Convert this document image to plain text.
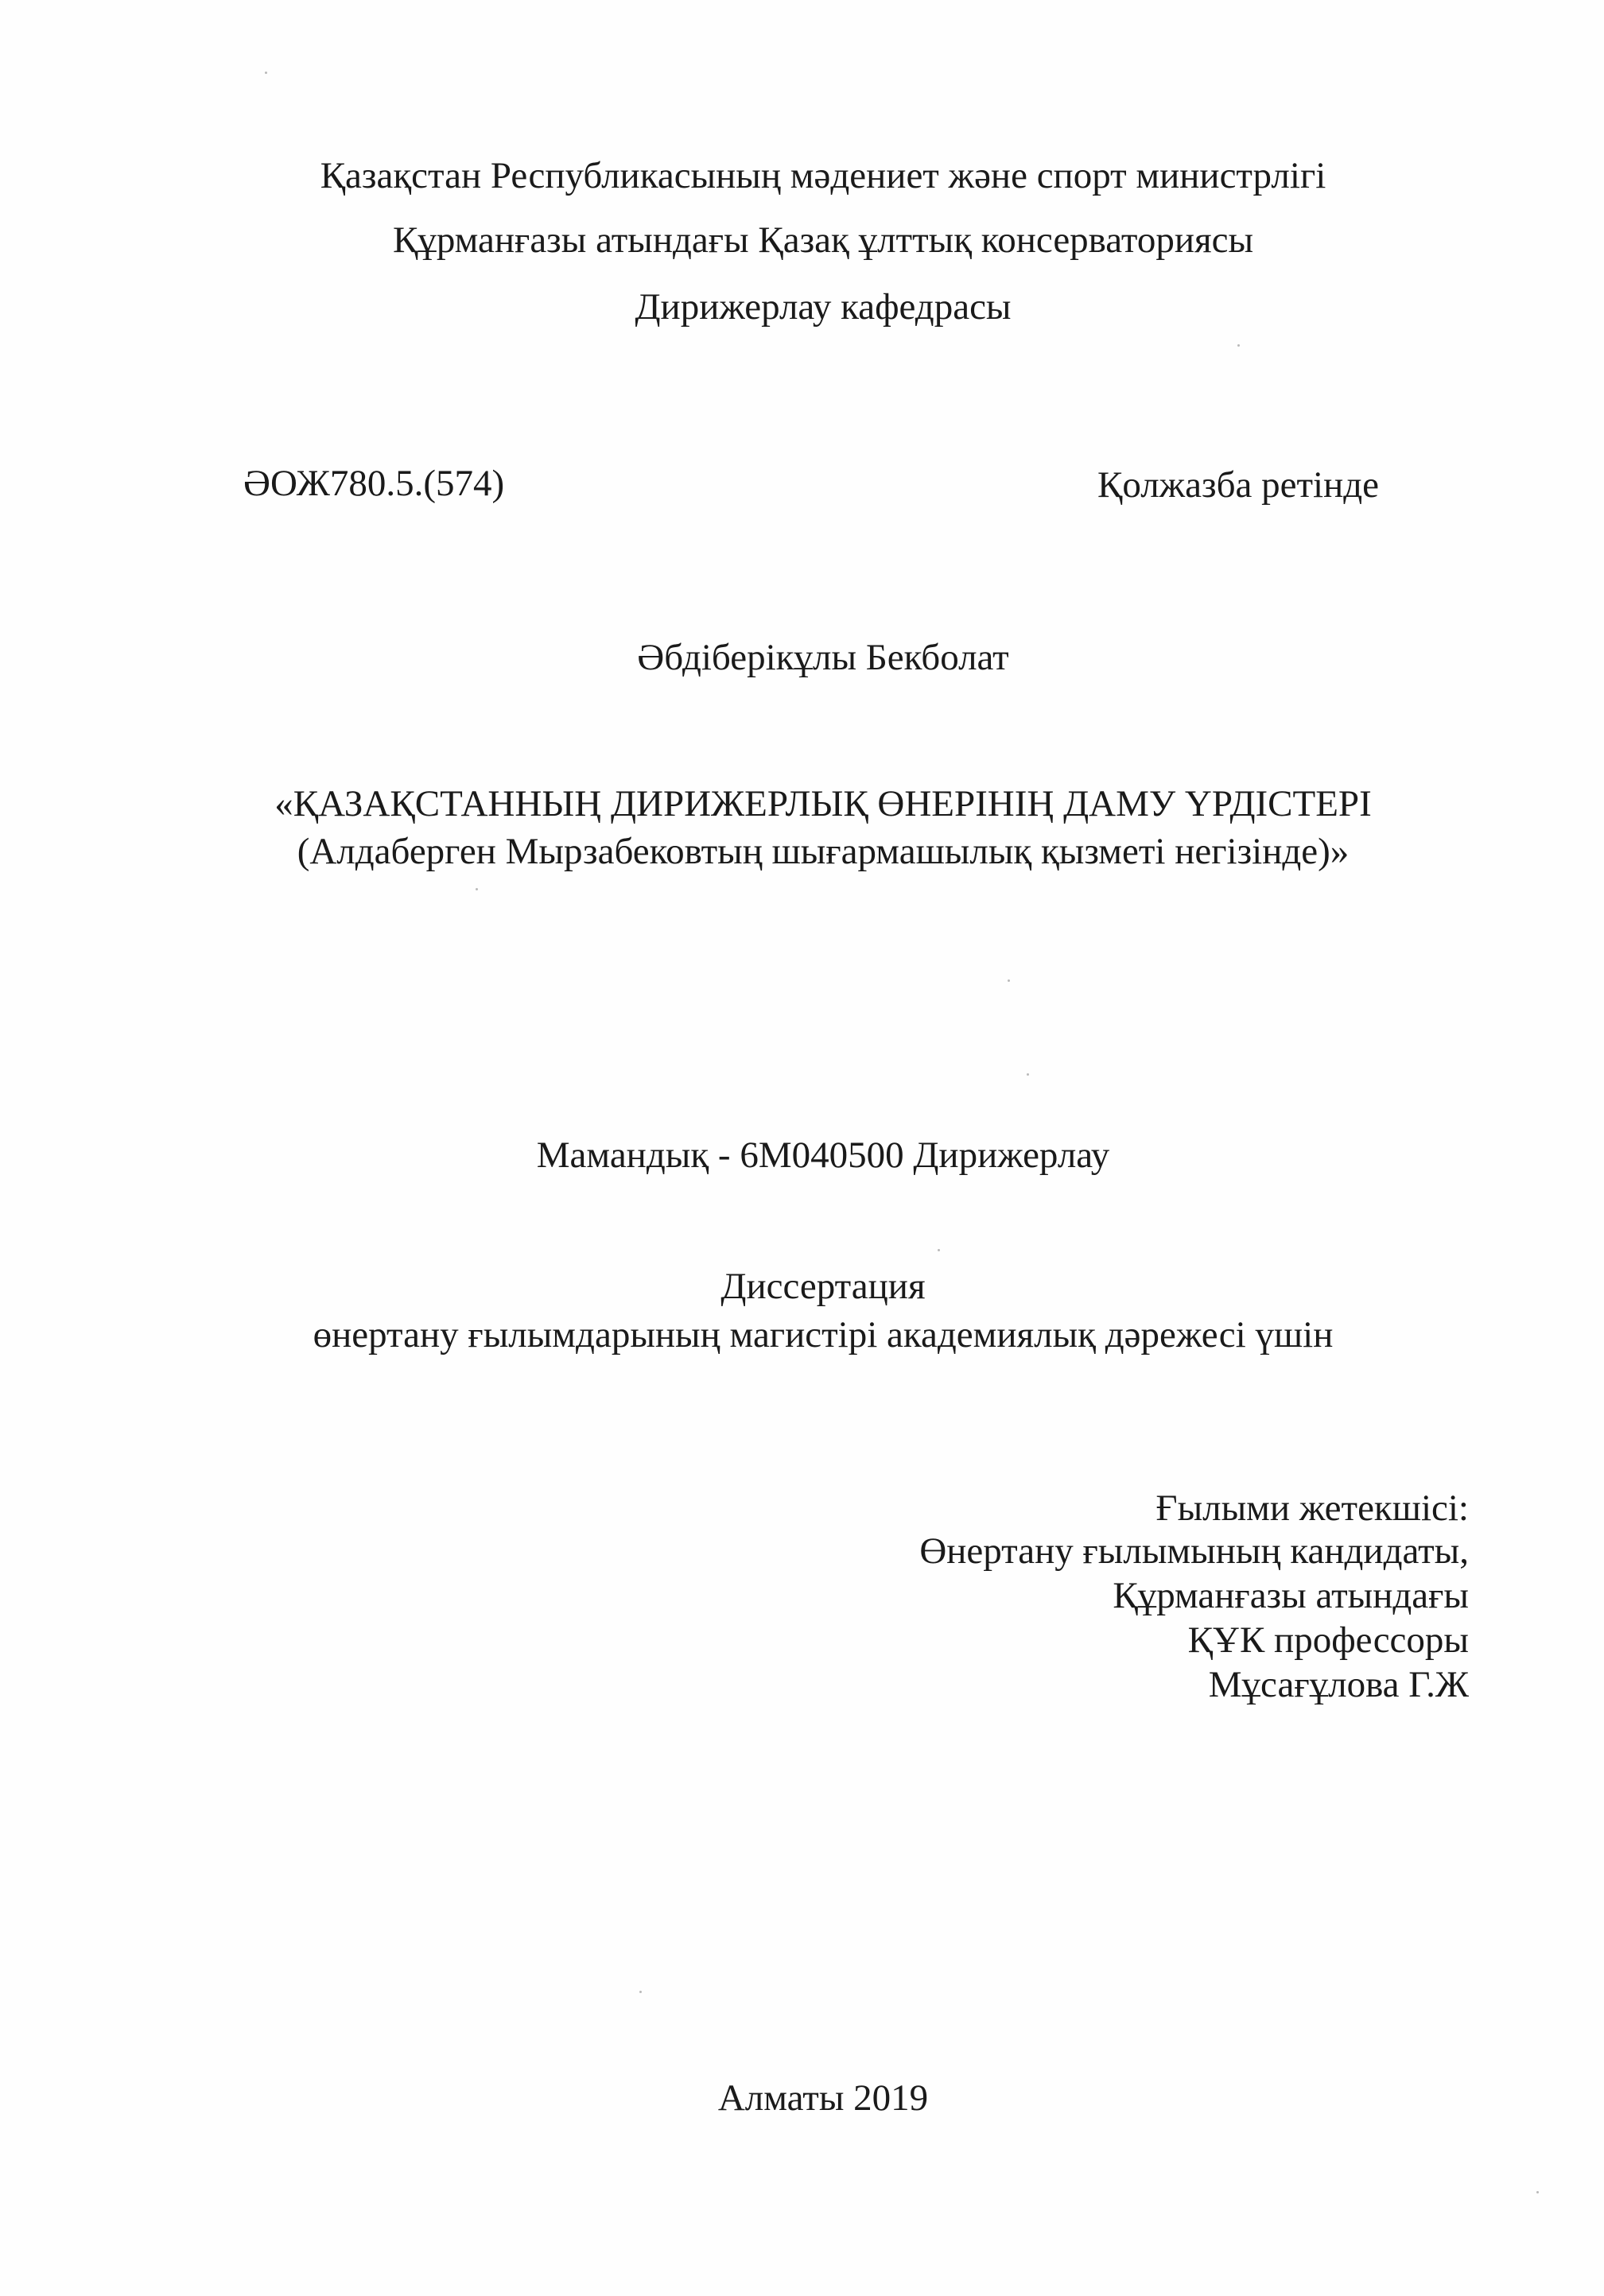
Қазақстан Республикасының мәдениет және спорт министрлігі
Құрманғазы атындағы Қазақ ұлттық консерваториясы
Дирижерлау кафедрасы
ӘОЖ780.5.(574)	Қолжазба ретінде
Әбдіберікұлы Бекболат
«ҚАЗАҚСТАННЫҢ ДИРИЖЕРЛЫҚ ӨНЕРІНІҢ ДАМУ ҮРДІСТЕРІ
(Алдаберген Мырзабековтың шығармашылық қызметі негізінде)»
Мамандық - 6М040500 Дирижерлау
Диссертация
өнертану ғылымдарының магистірі академиялық дәрежесі үшін
Ғылыми жетекшісі:
Өнертану ғылымының кандидаты,
Құрманғазы атындағы
ҚҰК профессоры
Мұсағұлова Г.Ж
Алматы 2019
